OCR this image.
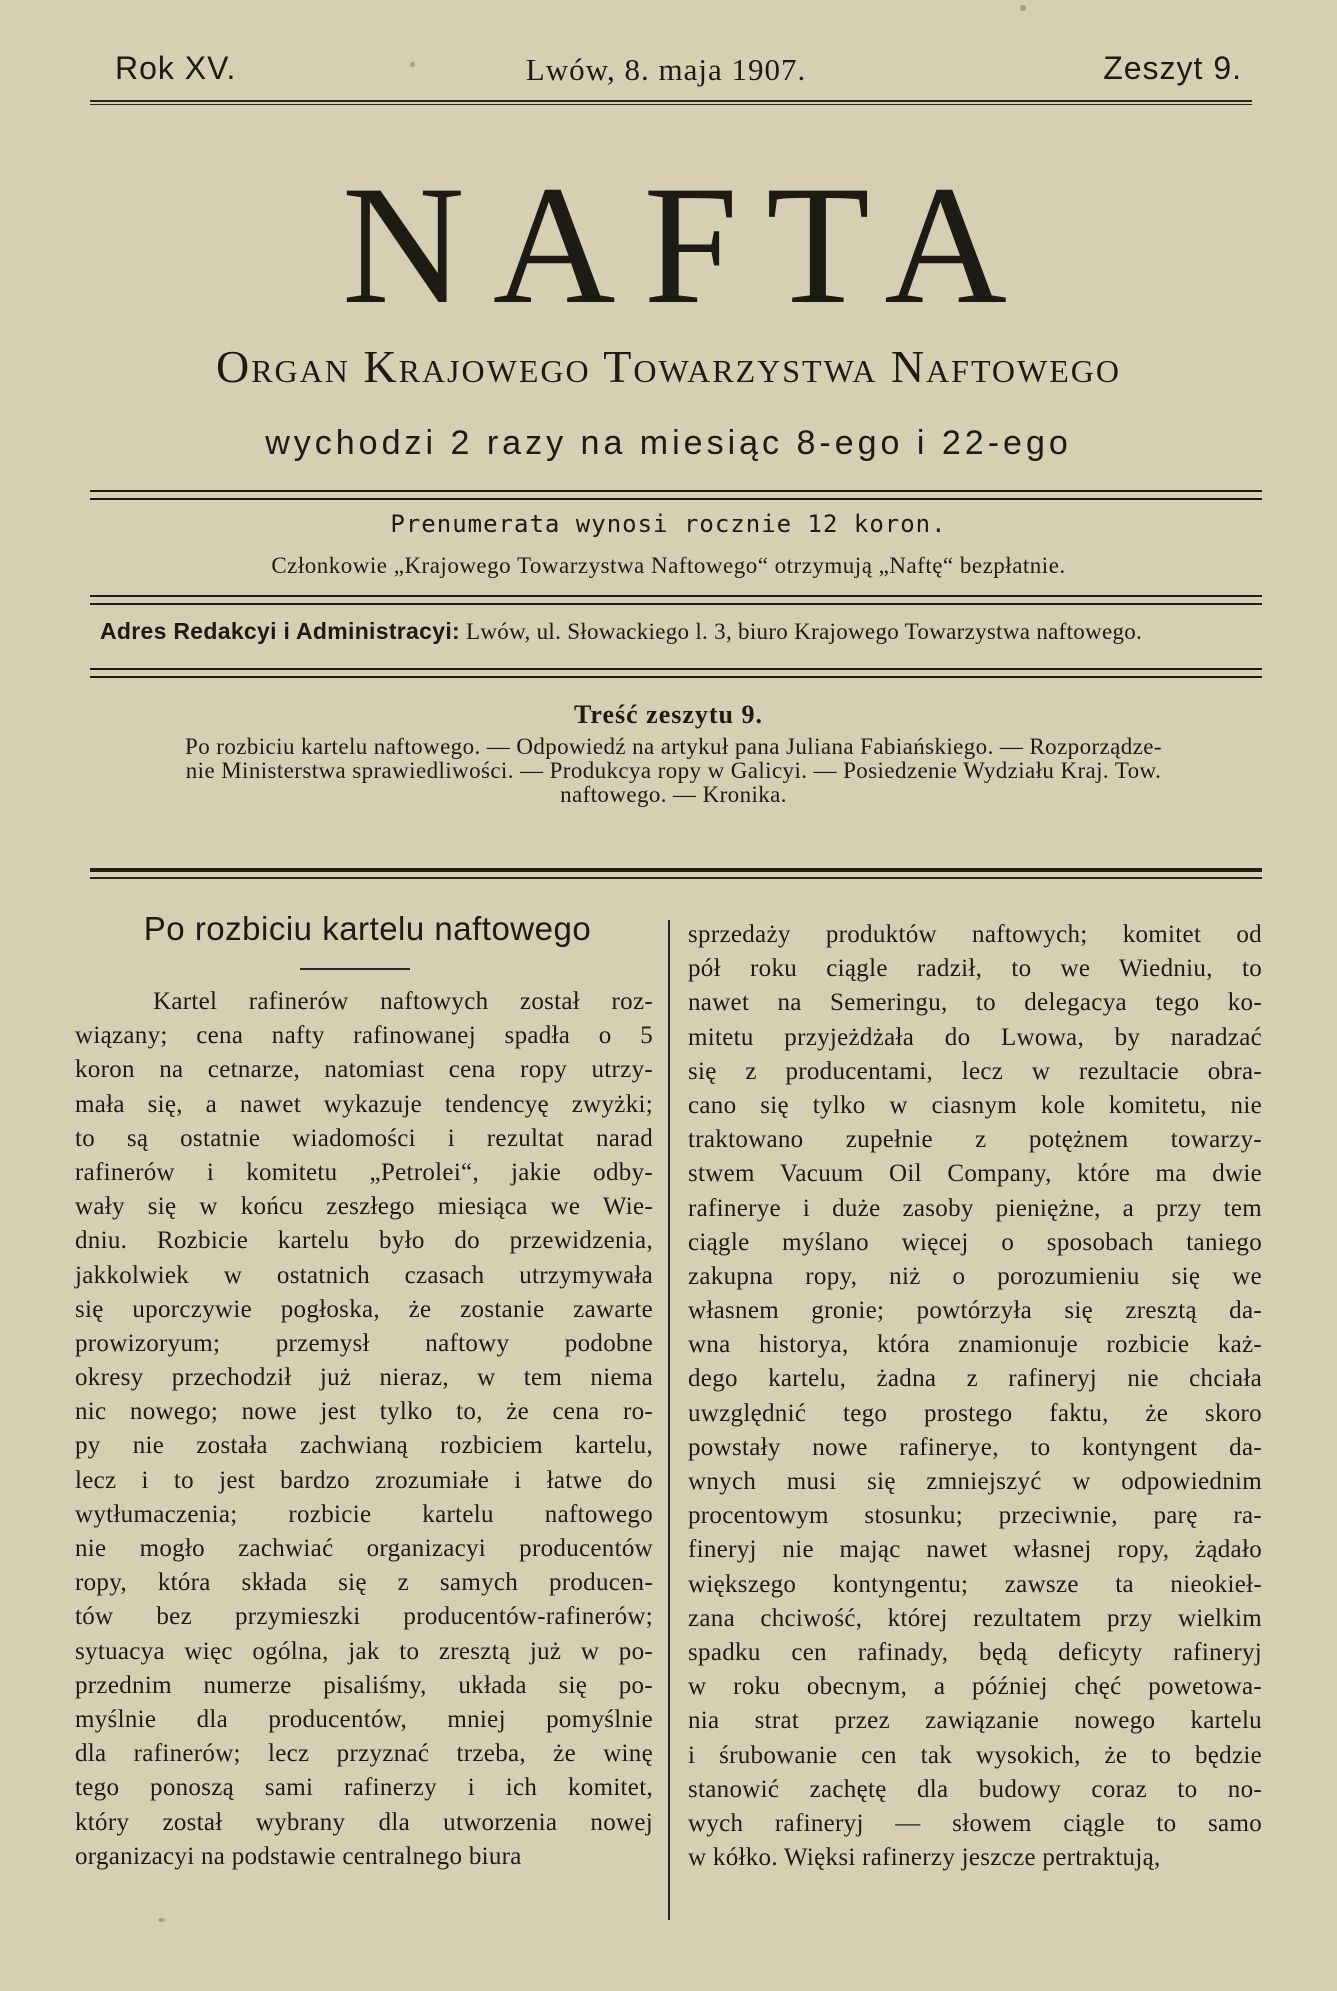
Rok XV.	Lwów, 8. maja 1907.	Zeszyt 9.
NAFTA
Organ Krajowego Towarzystwa Naftowego
wychodzi 2 razy na miesiąc 8-ego i 22-ego
Prenumerata wynosi rocznie 12 koron.
Członkowie „Krajowego Towarzystwa Naftowego“ otrzymują „Naftę“ bezpłatnie.
Adres Redakcyi i Administracyi: Lwów, ul. Słowackiego l. 3, biuro Krajowego Towarzystwa naftowego.
Treść zeszytu 9.
Po rozbiciu kartelu naftowego. — Odpowiedź na artykuł pana Juliana Fabiańskiego. — Rozporządze-
nie Ministerstwa sprawiedliwości. — Produkcya ropy w Galicyi. — Posiedzenie Wydziału Kraj. Tow.
naftowego. — Kronika.
Po rozbiciu kartelu naftowego
Kartel rafinerów naftowych został roz-
wiązany; cena nafty rafinowanej spadła o 5
koron na cetnarze, natomiast cena ropy utrzy-
mała się, a nawet wykazuje tendencyę zwyżki;
to są ostatnie wiadomości i rezultat narad
rafinerów i komitetu „Petrolei“, jakie odby-
wały się w końcu zeszłego miesiąca we Wie-
dniu. Rozbicie kartelu było do przewidzenia,
jakkolwiek w ostatnich czasach utrzymywała
się uporczywie pogłoska, że zostanie zawarte
prowizoryum; przemysł naftowy podobne
okresy przechodził już nieraz, w tem niema
nic nowego; nowe jest tylko to, że cena ro-
py nie została zachwianą rozbiciem kartelu,
lecz i to jest bardzo zrozumiałe i łatwe do
wytłumaczenia; rozbicie kartelu naftowego
nie mogło zachwiać organizacyi producentów
ropy, która składa się z samych producen-
tów bez przymieszki producentów-rafinerów;
sytuacya więc ogólna, jak to zresztą już w po-
przednim numerze pisaliśmy, układa się po-
myślnie dla producentów, mniej pomyślnie
dla rafinerów; lecz przyznać trzeba, że winę
tego ponoszą sami rafinerzy i ich komitet,
który został wybrany dla utworzenia nowej
organizacyi na podstawie centralnego biura
sprzedaży produktów naftowych; komitet od
pół roku ciągle radził, to we Wiedniu, to
nawet na Semeringu, to delegacya tego ko-
mitetu przyjeżdżała do Lwowa, by naradzać
się z producentami, lecz w rezultacie obra-
cano się tylko w ciasnym kole komitetu, nie
traktowano zupełnie z potężnem towarzy-
stwem Vacuum Oil Company, które ma dwie
rafinerye i duże zasoby pieniężne, a przy tem
ciągle myślano więcej o sposobach taniego
zakupna ropy, niż o porozumieniu się we
własnem gronie; powtórzyła się zresztą da-
wna historya, która znamionuje rozbicie każ-
dego kartelu, żadna z rafineryj nie chciała
uwzględnić tego prostego faktu, że skoro
powstały nowe rafinerye, to kontyngent da-
wnych musi się zmniejszyć w odpowiednim
procentowym stosunku; przeciwnie, parę ra-
fineryj nie mając nawet własnej ropy, żądało
większego kontyngentu; zawsze ta nieokieł-
zana chciwość, której rezultatem przy wielkim
spadku cen rafinady, będą deficyty rafineryj
w roku obecnym, a później chęć powetowa-
nia strat przez zawiązanie nowego kartelu
i śrubowanie cen tak wysokich, że to będzie
stanowić zachętę dla budowy coraz to no-
wych rafineryj — słowem ciągle to samo
w kółko. Więksi rafinerzy jeszcze pertraktują,
